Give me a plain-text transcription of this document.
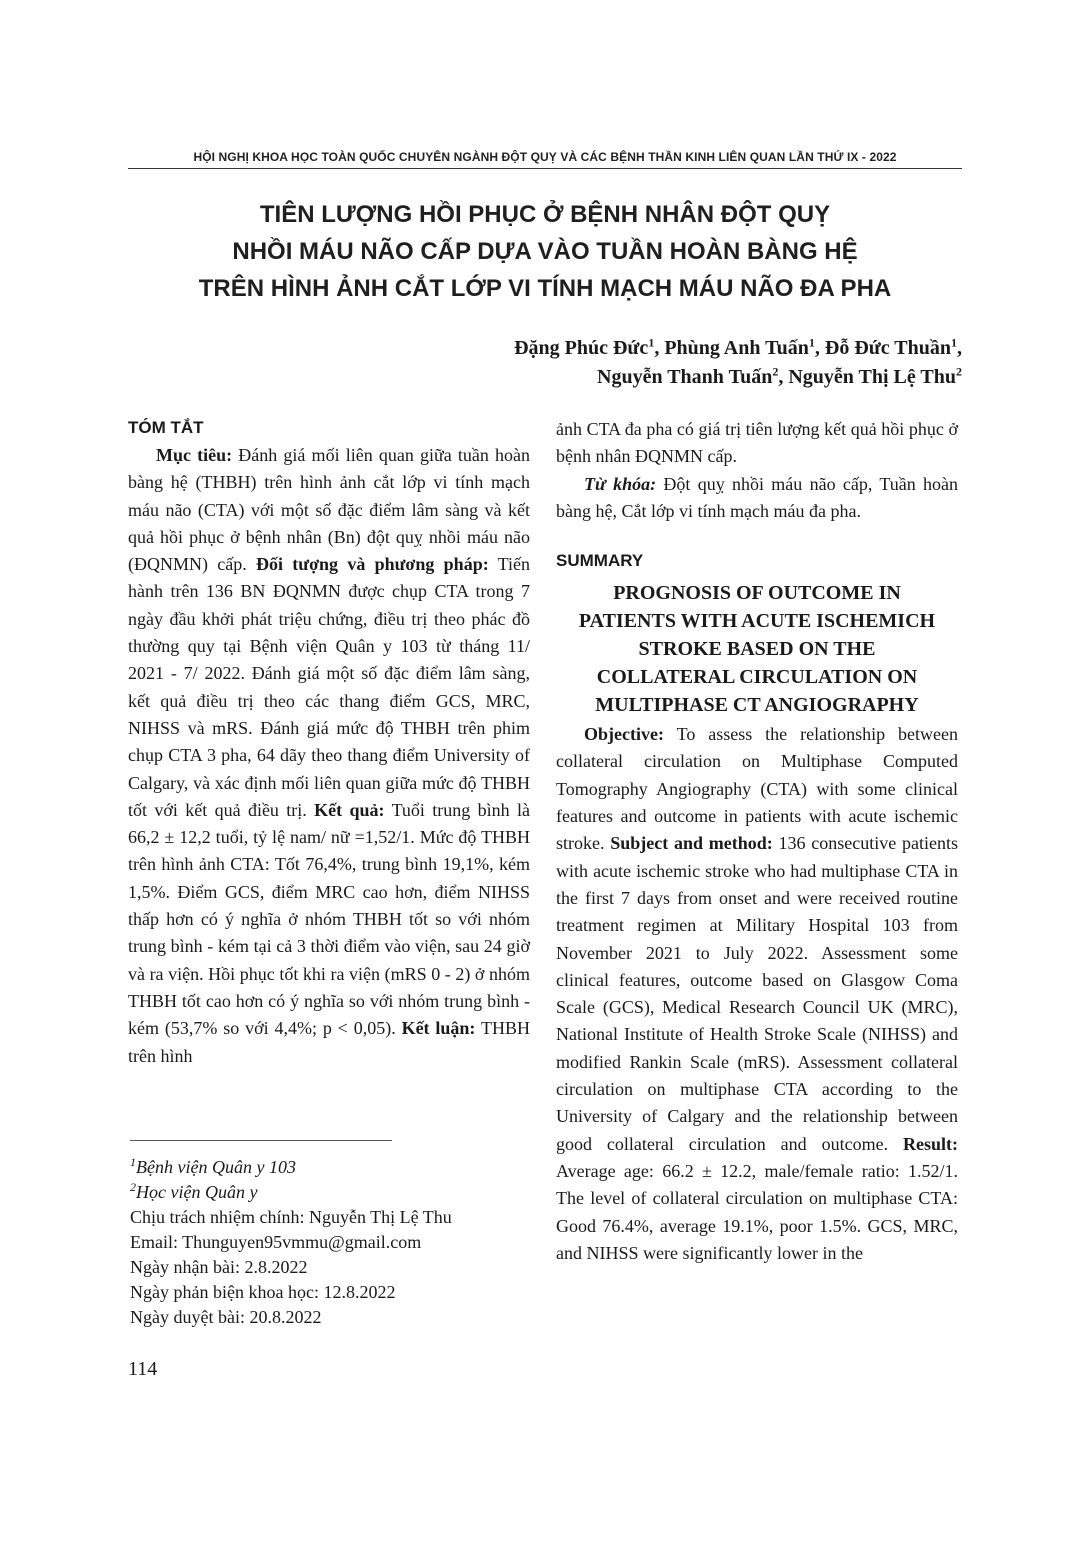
HỘI NGHỊ KHOA HỌC TOÀN QUỐC CHUYÊN NGÀNH ĐỘT QUỴ VÀ CÁC BỆNH THẦN KINH LIÊN QUAN LẦN THỨ IX - 2022
TIÊN LƯỢNG HỒI PHỤC Ở BỆNH NHÂN ĐỘT QUỴ
NHỒI MÁU NÃO CẤP DỰA VÀO TUẦN HOÀN BÀNG HỆ
TRÊN HÌNH ẢNH CẮT LỚP VI TÍNH MẠCH MÁU NÃO ĐA PHA
Đặng Phúc Đức$^1$, Phùng Anh Tuấn$^1$, Đỗ Đức Thuần$^1$,
Nguyễn Thanh Tuấn$^2$, Nguyễn Thị Lệ Thu$^2$
TÓM TẮT

Mục tiêu: Đánh giá mối liên quan giữa tuần hoàn bàng hệ (THBH) trên hình ảnh cắt lớp vi tính mạch máu não (CTA) với một số đặc điểm lâm sàng và kết quả hồi phục ở bệnh nhân (Bn) đột quỵ nhồi máu não (ĐQNMN) cấp. Đối tượng và phương pháp: Tiến hành trên 136 BN ĐQNMN được chụp CTA trong 7 ngày đầu khởi phát triệu chứng, điều trị theo phác đồ thường quy tại Bệnh viện Quân y 103 từ tháng 11/ 2021 - 7/ 2022. Đánh giá một số đặc điểm lâm sàng, kết quả điều trị theo các thang điểm GCS, MRC, NIHSS và mRS. Đánh giá mức độ THBH trên phim chụp CTA 3 pha, 64 dãy theo thang điểm University of Calgary, và xác định mối liên quan giữa mức độ THBH tốt với kết quả điều trị. Kết quả: Tuổi trung bình là 66,2 ± 12,2 tuổi, tỷ lệ nam/ nữ =1,52/1. Mức độ THBH trên hình ảnh CTA: Tốt 76,4%, trung bình 19,1%, kém 1,5%. Điểm GCS, điểm MRC cao hơn, điểm NIHSS thấp hơn có ý nghĩa ở nhóm THBH tốt so với nhóm trung bình - kém tại cả 3 thời điểm vào viện, sau 24 giờ và ra viện. Hồi phục tốt khi ra viện (mRS 0 - 2) ở nhóm THBH tốt cao hơn có ý nghĩa so với nhóm trung bình - kém (53,7% so với 4,4%; p < 0,05). Kết luận: THBH trên hình

ảnh CTA đa pha có giá trị tiên lượng kết quả hồi phục ở bệnh nhân ĐQNMN cấp.

Từ khóa: Đột quỵ nhồi máu não cấp, Tuần hoàn bàng hệ, Cắt lớp vi tính mạch máu đa pha.

SUMMARY
PROGNOSIS OF OUTCOME IN
PATIENTS WITH ACUTE ISCHEMICH
STROKE BASED ON THE
COLLATERAL CIRCULATION ON
MULTIPHASE CT ANGIOGRAPHY

Objective: To assess the relationship between collateral circulation on Multiphase Computed Tomography Angiography (CTA) with some clinical features and outcome in patients with acute ischemic stroke. Subject and method: 136 consecutive patients with acute ischemic stroke who had multiphase CTA in the first 7 days from onset and were received routine treatment regimen at Military Hospital 103 from November 2021 to July 2022. Assessment some clinical features, outcome based on Glasgow Coma Scale (GCS), Medical Research Council UK (MRC), National Institute of Health Stroke Scale (NIHSS) and modified Rankin Scale (mRS). Assessment collateral circulation on multiphase CTA according to the University of Calgary and the relationship between good collateral circulation and outcome. Result: Average age: 66.2 ± 12.2, male/female ratio: 1.52/1. The level of collateral circulation on multiphase CTA: Good 76.4%, average 19.1%, poor 1.5%. GCS, MRC, and NIHSS were significantly lower in the

$^1$Bệnh viện Quân y 103
$^2$Học viện Quân y
Chịu trách nhiệm chính: Nguyễn Thị Lệ Thu
Email: Thunguyen95vmmu@gmail.com
Ngày nhận bài: 2.8.2022
Ngày phản biện khoa học: 12.8.2022
Ngày duyệt bài: 20.8.2022
114
